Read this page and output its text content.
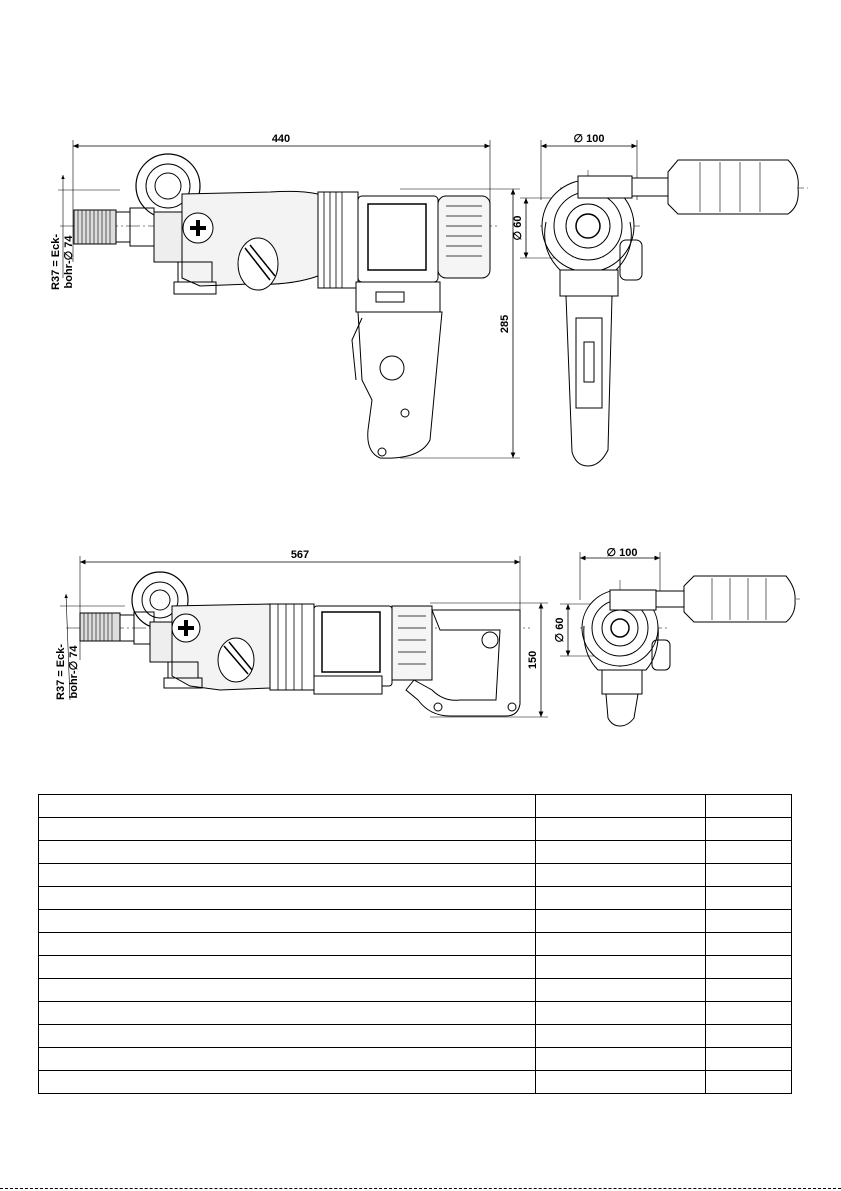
440
285
R37 = Eck- bohr-∅ 74
∅ 100
∅ 60
567
150
R37 = Eck- bohr-∅ 74
∅ 100
∅ 60
